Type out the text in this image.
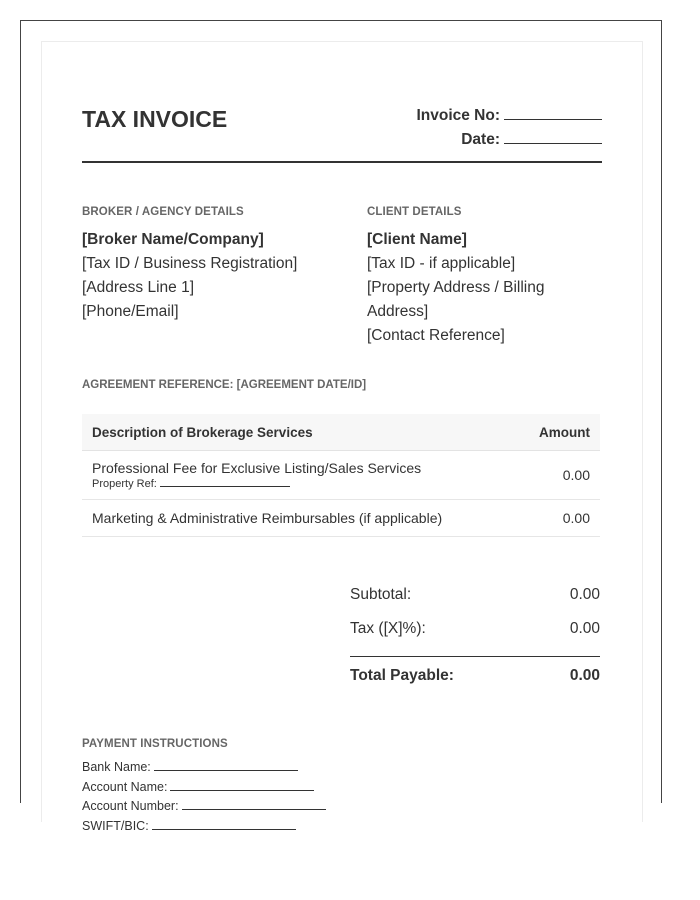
TAX INVOICE	Invoice No:
Date:
BROKER / AGENCY DETAILS
[Broker Name/Company]
[Tax ID / Business Registration]
[Address Line 1]
[Phone/Email]
CLIENT DETAILS
[Client Name]
[Tax ID - if applicable]
[Property Address / Billing
Address]
[Contact Reference]
AGREEMENT REFERENCE: [AGREEMENT DATE/ID]
Description of Brokerage Services	Amount
Professional Fee for Exclusive Listing/Sales Services
Property Ref:	0.00
Marketing & Administrative Reimbursables (if applicable)	0.00
Subtotal:	0.00
Tax ([X]%):	0.00
Total Payable:	0.00
PAYMENT INSTRUCTIONS
Bank Name:
Account Name:
Account Number:
SWIFT/BIC:
